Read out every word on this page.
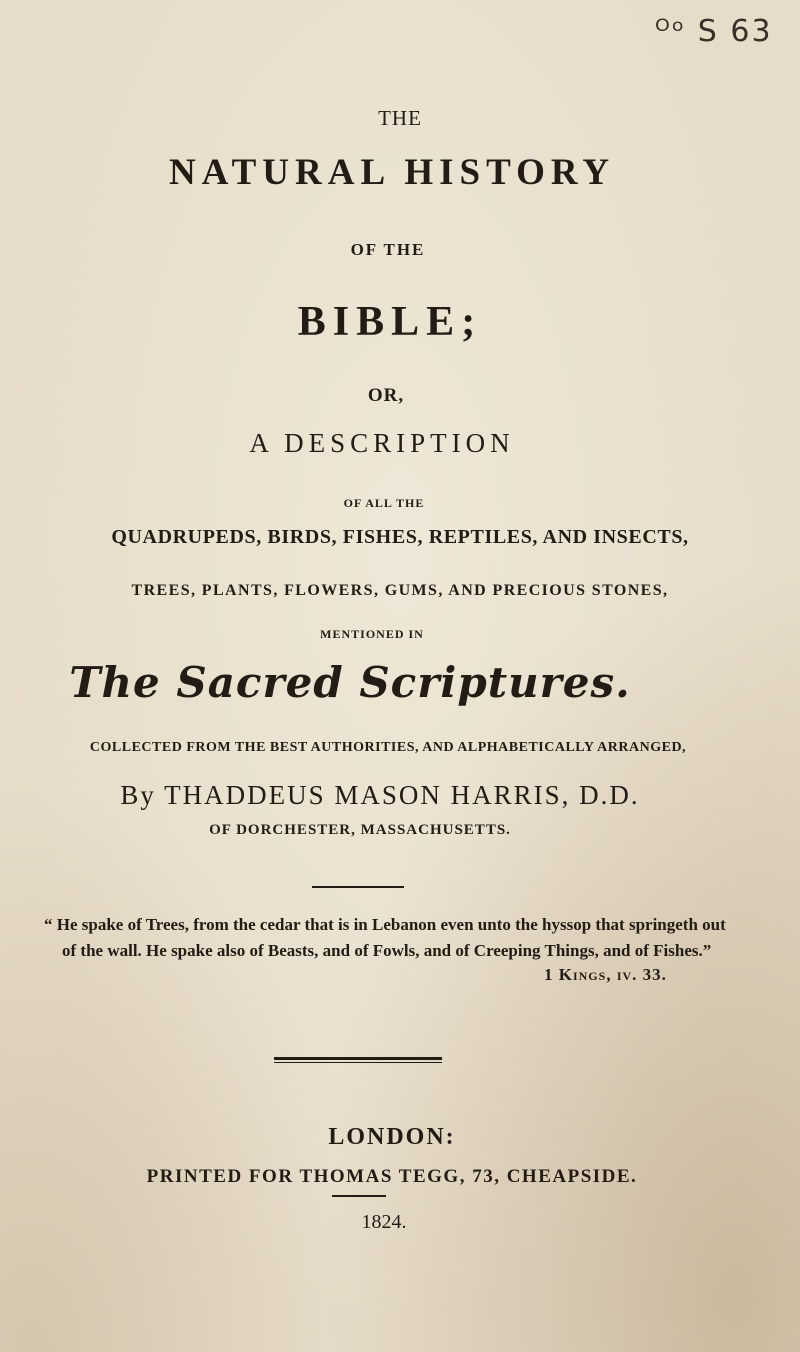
ᴼᵒ S 63
THE
NATURAL HISTORY
OF THE
BIBLE;
OR,
A DESCRIPTION
OF ALL THE
QUADRUPEDS, BIRDS, FISHES, REPTILES, AND INSECTS,
TREES, PLANTS, FLOWERS, GUMS, AND PRECIOUS STONES,
MENTIONED IN
The Sacred Scriptures.
COLLECTED FROM THE BEST AUTHORITIES, AND ALPHABETICALLY ARRANGED,
By THADDEUS MASON HARRIS, D.D.
OF DORCHESTER, MASSACHUSETTS.
“ He spake of Trees, from the cedar that is in Lebanon even unto the hyssop that springeth out
of the wall. He spake also of Beasts, and of Fowls, and of Creeping Things, and of Fishes.”
1 Kings, iv. 33.
LONDON:
PRINTED FOR THOMAS TEGG, 73, CHEAPSIDE.
1824.
